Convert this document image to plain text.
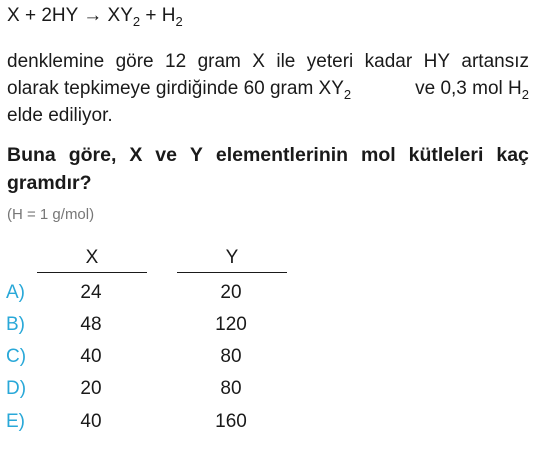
$X + 2HY \to XY_2 + H_2$
denklemine göre 12 gram X ile yeteri kadar HY artansız
olarak tepkimeye girdiğinde 60 gram $XY_2$	ve 0,3 mol $H_2$
elde ediliyor.
Buna göre, X ve Y elementlerinin mol kütleleri kaç
gramdır?
(H = 1 g/mol)
X	Y
A)	24	20
B)	48	120
C)	40	80
D)	20	80
E)	40	160
